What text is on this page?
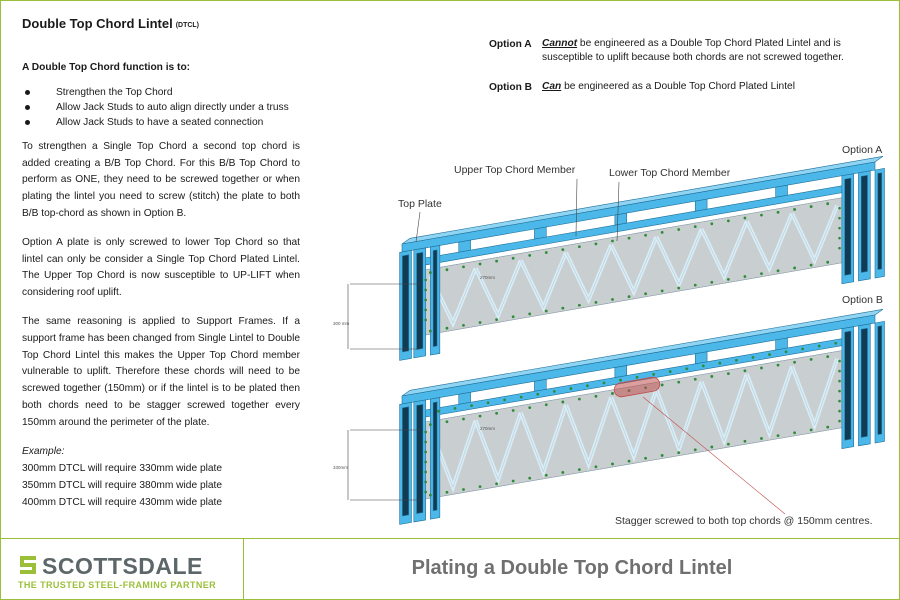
Double Top Chord Lintel (DTCL)
A Double Top Chord function is to:
Strengthen the Top Chord
Allow Jack Studs to auto align directly under a truss
Allow Jack Studs to have a seated connection

To strengthen a Single Top Chord a second top chord is added creating a B/B Top Chord. For this B/B Top Chord to perform as ONE, they need to be screwed together or when plating the lintel you need to screw (stitch) the plate to both B/B top-chord as shown in Option B.

Option A plate is only screwed to lower Top Chord so that lintel can only be consider a Single Top Chord Plated Lintel. The Upper Top Chord is now susceptible to UP-LIFT when considering roof uplift.

The same reasoning is applied to Support Frames. If a support frame has been changed from Single Lintel to Double Top Chord Lintel this makes the Upper Top Chord member vulnerable to uplift. Therefore these chords will need to be screwed together (150mm) or if the lintel is to be plated then both chords need to be stagger screwed together every 150mm around the perimeter of the plate.

Example:
300mm DTCL will require 330mm wide plate
350mm DTCL will require 380mm wide plate
400mm DTCL will require 430mm wide plate
Option A	Cannot be engineered as a Double Top Chord Plated Lintel and is susceptible to uplift because both chords are not screwed together.
Option B Can be engineered as a Double Top Chord Plated Lintel
300 mm
270mm
330mm
270mm
Upper Top Chord Member	Lower Top Chord Member
Top Plate
Option A
Option B
Stagger screwed to both top chords @ 150mm centres.
SCOTTSDALE
THE TRUSTED STEEL-FRAMING PARTNER
Plating a Double Top Chord Lintel
